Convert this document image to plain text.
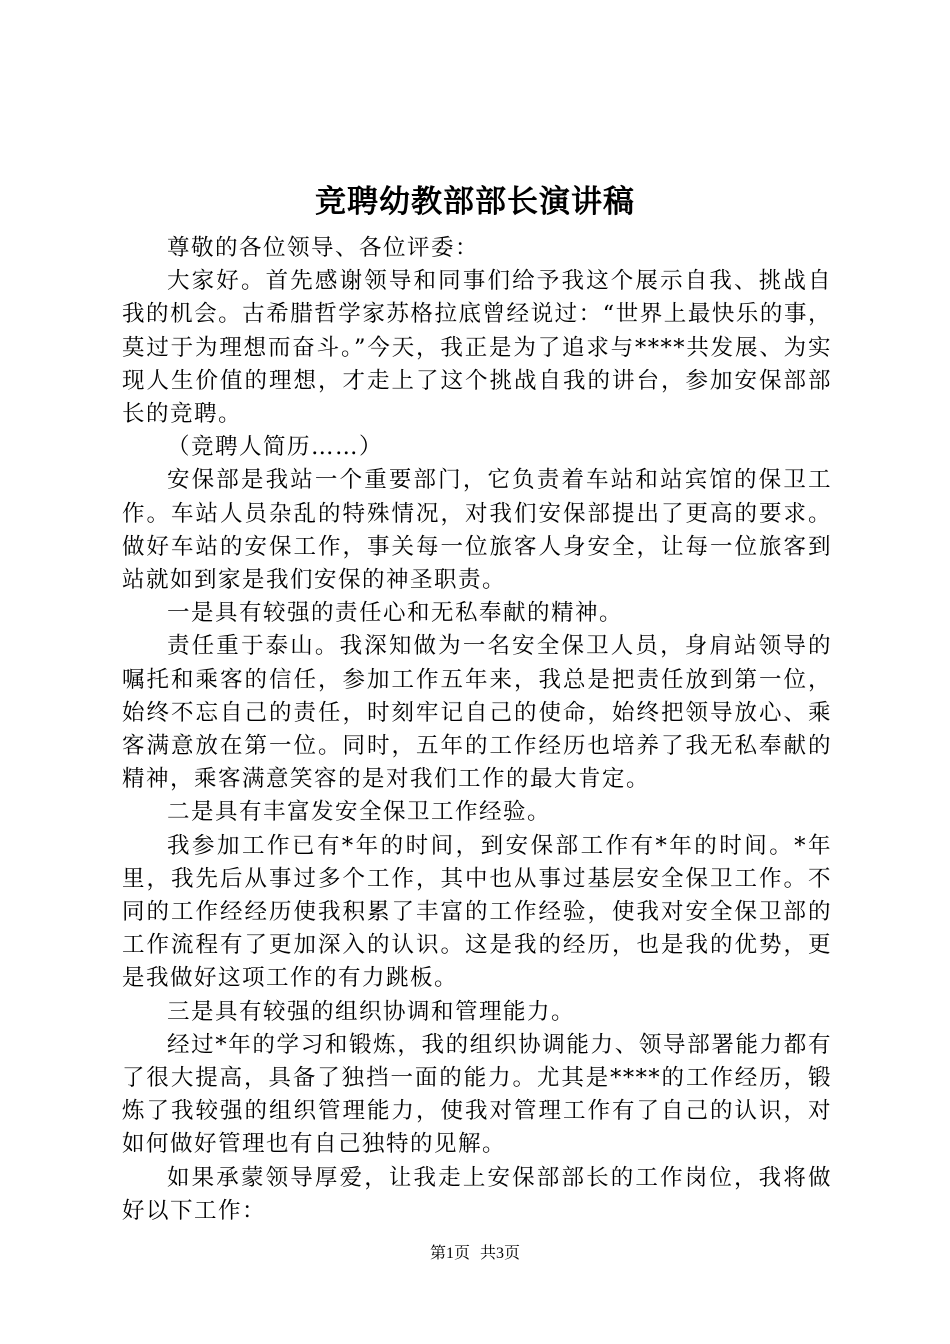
竞聘幼教部部长演讲稿

尊敬的各位领导、各位评委：

大家好。首先感谢领导和同事们给予我这个展示自我、挑战自我的机会。古希腊哲学家苏格拉底曾经说过：“世界上最快乐的事，莫过于为理想而奋斗。”今天，我正是为了追求与****共发展、为实现人生价值的理想，才走上了这个挑战自我的讲台，参加安保部部长的竞聘。

（竞聘人简历……）

安保部是我站一个重要部门，它负责着车站和站宾馆的保卫工作。车站人员杂乱的特殊情况，对我们安保部提出了更高的要求。做好车站的安保工作，事关每一位旅客人身安全，让每一位旅客到站就如到家是我们安保的神圣职责。

一是具有较强的责任心和无私奉献的精神。

责任重于泰山。我深知做为一名安全保卫人员，身肩站领导的嘱托和乘客的信任，参加工作五年来，我总是把责任放到第一位，始终不忘自己的责任，时刻牢记自己的使命，始终把领导放心、乘客满意放在第一位。同时，五年的工作经历也培养了我无私奉献的精神，乘客满意笑容的是对我们工作的最大肯定。

二是具有丰富发安全保卫工作经验。

我参加工作已有*年的时间，到安保部工作有*年的时间。*年里，我先后从事过多个工作，其中也从事过基层安全保卫工作。不同的工作经经历使我积累了丰富的工作经验，使我对安全保卫部的工作流程有了更加深入的认识。这是我的经历，也是我的优势，更是我做好这项工作的有力跳板。

三是具有较强的组织协调和管理能力。

经过*年的学习和锻炼，我的组织协调能力、领导部署能力都有了很大提高，具备了独挡一面的能力。尤其是****的工作经历，锻炼了我较强的组织管理能力，使我对管理工作有了自己的认识，对如何做好管理也有自己独特的见解。

如果承蒙领导厚爱，让我走上安保部部长的工作岗位，我将做好以下工作：

第1页 共3页
